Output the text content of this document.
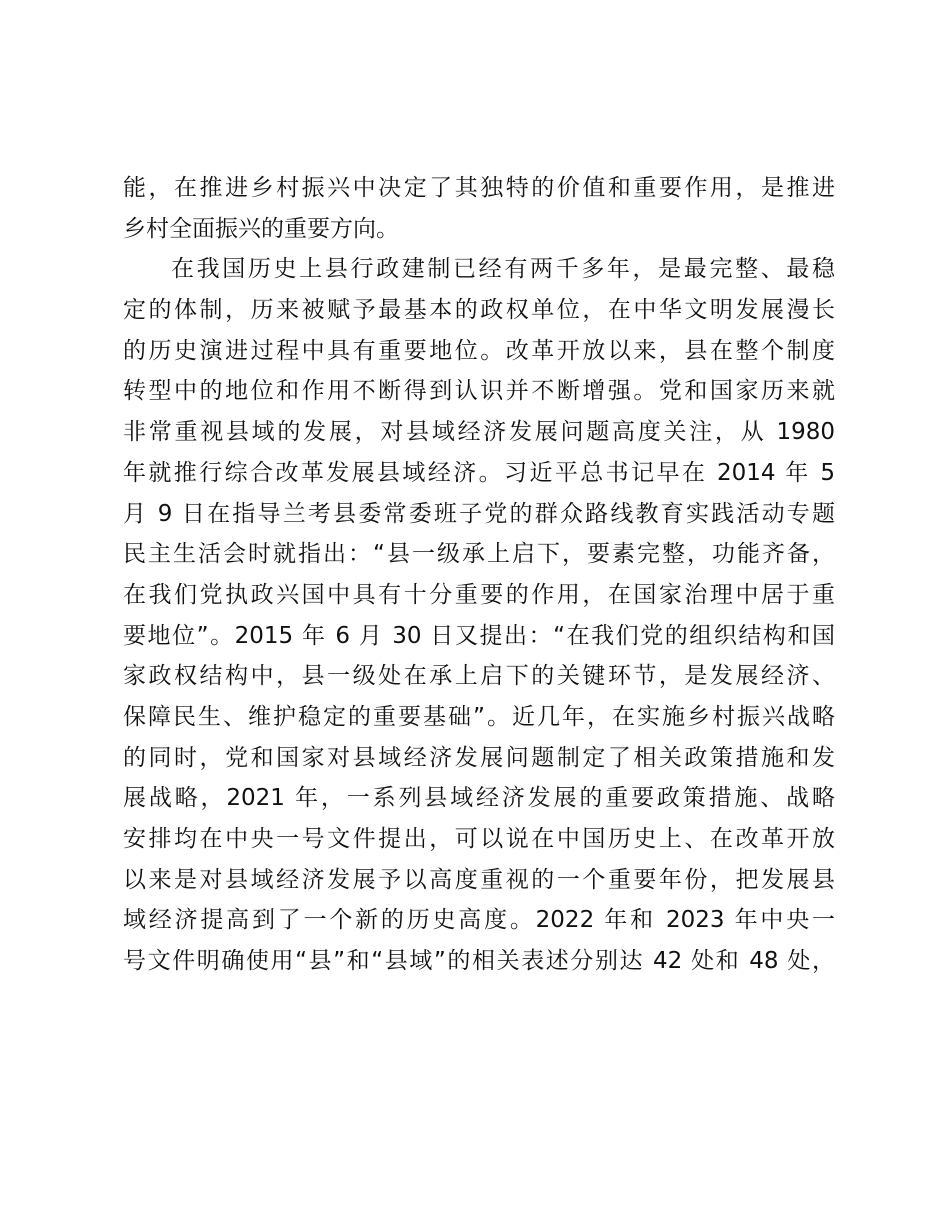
能，在推进乡村振兴中决定了其独特的价值和重要作用，是推进
乡村全面振兴的重要方向。
在我国历史上县行政建制已经有两千多年，是最完整、最稳
定的体制，历来被赋予最基本的政权单位，在中华文明发展漫长
的历史演进过程中具有重要地位。改革开放以来，县在整个制度
转型中的地位和作用不断得到认识并不断增强。党和国家历来就
非常重视县域的发展，对县域经济发展问题高度关注，从 1980
年就推行综合改革发展县域经济。习近平总书记早在 2014 年 5
月 9 日在指导兰考县委常委班子党的群众路线教育实践活动专题
民主生活会时就指出：“县一级承上启下，要素完整，功能齐备，
在我们党执政兴国中具有十分重要的作用，在国家治理中居于重
要地位”。2015 年 6 月 30 日又提出：“在我们党的组织结构和国
家政权结构中，县一级处在承上启下的关键环节，是发展经济、
保障民生、维护稳定的重要基础”。近几年，在实施乡村振兴战略
的同时，党和国家对县域经济发展问题制定了相关政策措施和发
展战略，2021 年，一系列县域经济发展的重要政策措施、战略
安排均在中央一号文件提出，可以说在中国历史上、在改革开放
以来是对县域经济发展予以高度重视的一个重要年份，把发展县
域经济提高到了一个新的历史高度。2022 年和 2023 年中央一
号文件明确使用“县”和“县域”的相关表述分别达 42 处和 48 处，
